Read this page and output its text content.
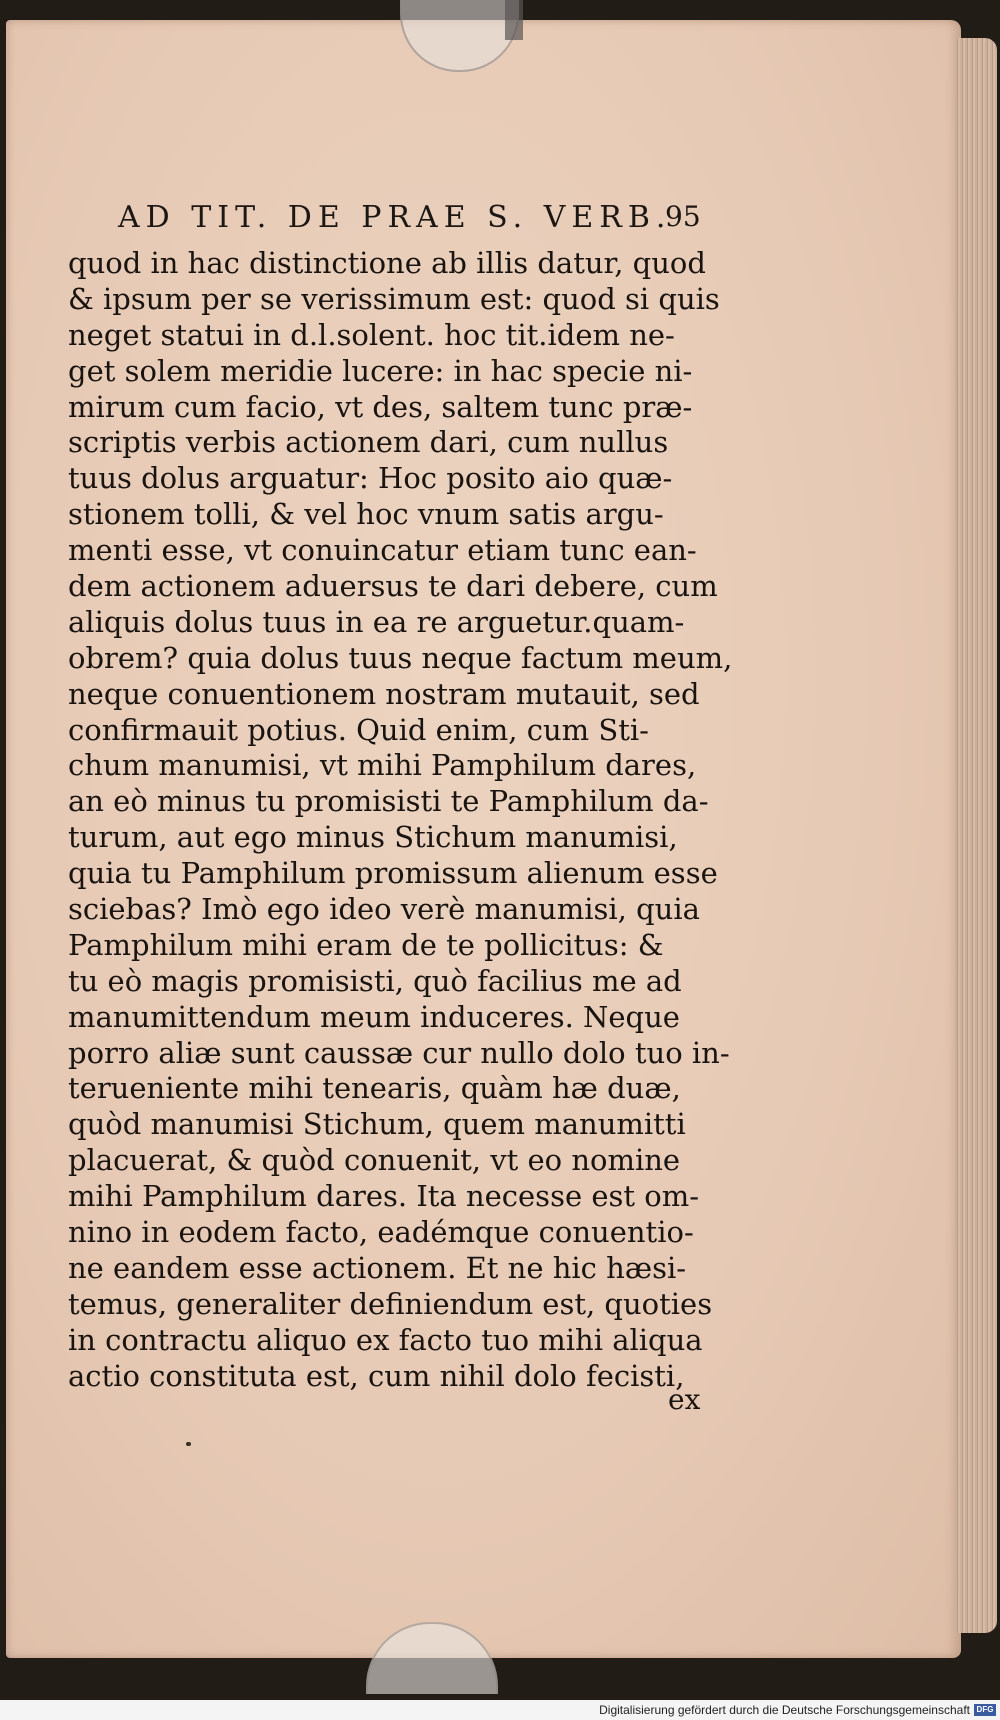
AD TIT. DE PRAE S. VERB.
95
quod in hac distinctione ab illis datur, quod
& ipsum per se verissimum est: quod si quis
neget statui in d.l.solent. hoc tit.idem ne-
get solem meridie lucere: in hac specie ni-
mirum cum facio, vt des, saltem tunc præ-
scriptis verbis actionem dari, cum nullus
tuus dolus arguatur: Hoc posito aio quæ-
stionem tolli, & vel hoc vnum satis argu-
menti esse, vt conuincatur etiam tunc ean-
dem actionem aduersus te dari debere, cum
aliquis dolus tuus in ea re arguetur.quam-
obrem? quia dolus tuus neque factum meum,
neque conuentionem nostram mutauit, sed
confirmauit potius. Quid enim, cum Sti-
chum manumisi, vt mihi Pamphilum dares,
an eò minus tu promisisti te Pamphilum da-
turum, aut ego minus Stichum manumisi,
quia tu Pamphilum promissum alienum esse
sciebas? Imò ego ideo verè manumisi, quia
Pamphilum mihi eram de te pollicitus: &
tu eò magis promisisti, quò facilius me ad
manumittendum meum induceres. Neque
porro aliæ sunt caussæ cur nullo dolo tuo in-
teruenientе mihi tenearis, quàm hæ duæ,
quòd manumisi Stichum, quem manumitti
placuerat, & quòd conuenit, vt eo nomine
mihi Pamphilum dares. Ita necesse est om-
nino in eodem facto, eadémque conuentio-
ne eandem esse actionem. Et ne hic hæsi-
temus, generaliter definiendum est, quoties
in contractu aliquo ex facto tuo mihi aliqua
actio constituta est, cum nihil dolo fecisti,
ex
Digitalisierung gefördert durch die Deutsche Forschungsgemeinschaft DFG
